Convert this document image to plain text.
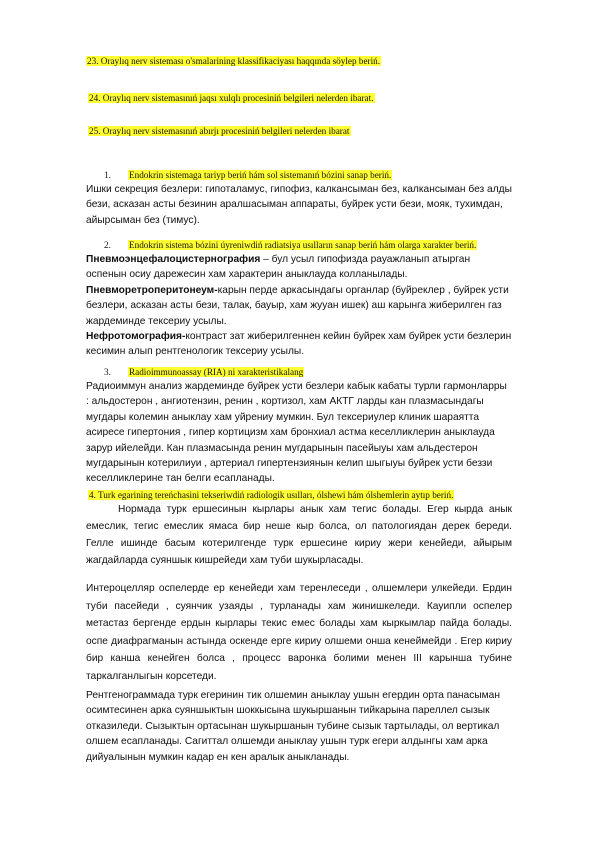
23. Oraylıq nerv sisteması o'smalarining klassifikaciyası haqqında söylep beriń.
24. Oraylıq nerv sistemasınıń jaqsı xulqlı procesiniń belgileri nelerden ibarat.
25. Oraylıq nerv sistemasınıń abırjı procesiniń belgileri nelerden ibarat
1. Endokrin sistemaga tariyp beriń hám sol sistemanıń bózini sanap beriń.

Ишки секреция безлери: гипоталамус, гипофиз, калкансыман без, калкансыман без алды бези, асказан асты безинин аралшасыман аппараты, буйрек усти бези, мояк, тухимдан, айырсыман без (тимус).

2. Endokrin sistema bózini úyreniwdiń radiatsiya usılların sanap beriń hám olarga xarakter beriń.

Пневмоэнцефалоцистернография – бул усыл гипофизда рауажланып атырган оспенын осиу дарежесин хам характерин аныклауда колланылады.

Пневморетроперитонеум-карын перде аркасындагы органлар (буйреклер , буйрек усти безлери, асказан асты бези, талак, бауыр, хам жууан ишек) аш карынга жиберилген газ жардеминде тексериу усылы.

Нефротомография-контраст зат жиберилгеннен кейин буйрек хам буйрек усти безлерин кесимин алып рентгенологик тексериу усылы.

3. Radioimmunoassay (RIA) ni xarakteristikalang

Радиоиммун анализ жардеминде буйрек усти безлери кабык кабаты турли гармонларры : альдостерон , ангиотензин, ренин , кортизол, хам АКТГ ларды кан плазмасындагы мугдары колемин аныклау хам уйрениу мумкин. Бул тексериулер клиник шараятта асиресе гипертония , гипер кортицизм хам бронхиал астма кеселликлерин аныклауда зарур ийелейди. Кан плазмасында ренин мугдарынын пасейыуы хам альдестерон мугдарынын котерилиуи , артериал гипертензиянын келип шыгыуы буйрек усти беззи кеселликлерине тан белги есапланады.

4. Turk egarining tereńchasini tekseriwdiń radiologik usılları, ólshewi hám ólshemlerin aytıp beriń.

Нормада турк ершесинын кырлары анык хам тегис болады. Егер кырда анык емеслик, тегис емеслик ямаса бир неше кыр болса, ол патологиядан дерек береди. Гелле ишинде басым котерилгенде турк ершесине кириу жери кенейеди, айырым жагдайларда суяншык кишрейеди хам туби шукырласады.

Интероцелляр оспелерде ер кенейеди хам терeнлеседи , олшемлери улкейеди. Ердин туби пасейеди , суянчик узаяды , турланады хам жинишкеледи. Кауипли оспелер метастаз бергенде ердын кырлары текис емес болады хам кыркымлар пайда болады. оспе диафрагманын астында оскенде ерге кириу олшеми онша кенеймейди . Егер кириу бир канша кенейген болса , процесс варонка болими менен III карынша тубине таркалганлыгын корсетеди.

Рентгенограммада турк егеринин тик олшемин аныклау ушын егердин орта панасыман осимтесинен арка суяншыктын шоккысына шукыршанын тийкарына пареллел сызык отказиледи. Сызыктын ортасынан шукыршанын тубине сызык тартылады, ол вертикал олшем есапланады. Сагиттал олшемди аныклау ушын турк егери алдынгы хам арка дийуалынын мумкин кадар ен кен аралык аныкланады.
